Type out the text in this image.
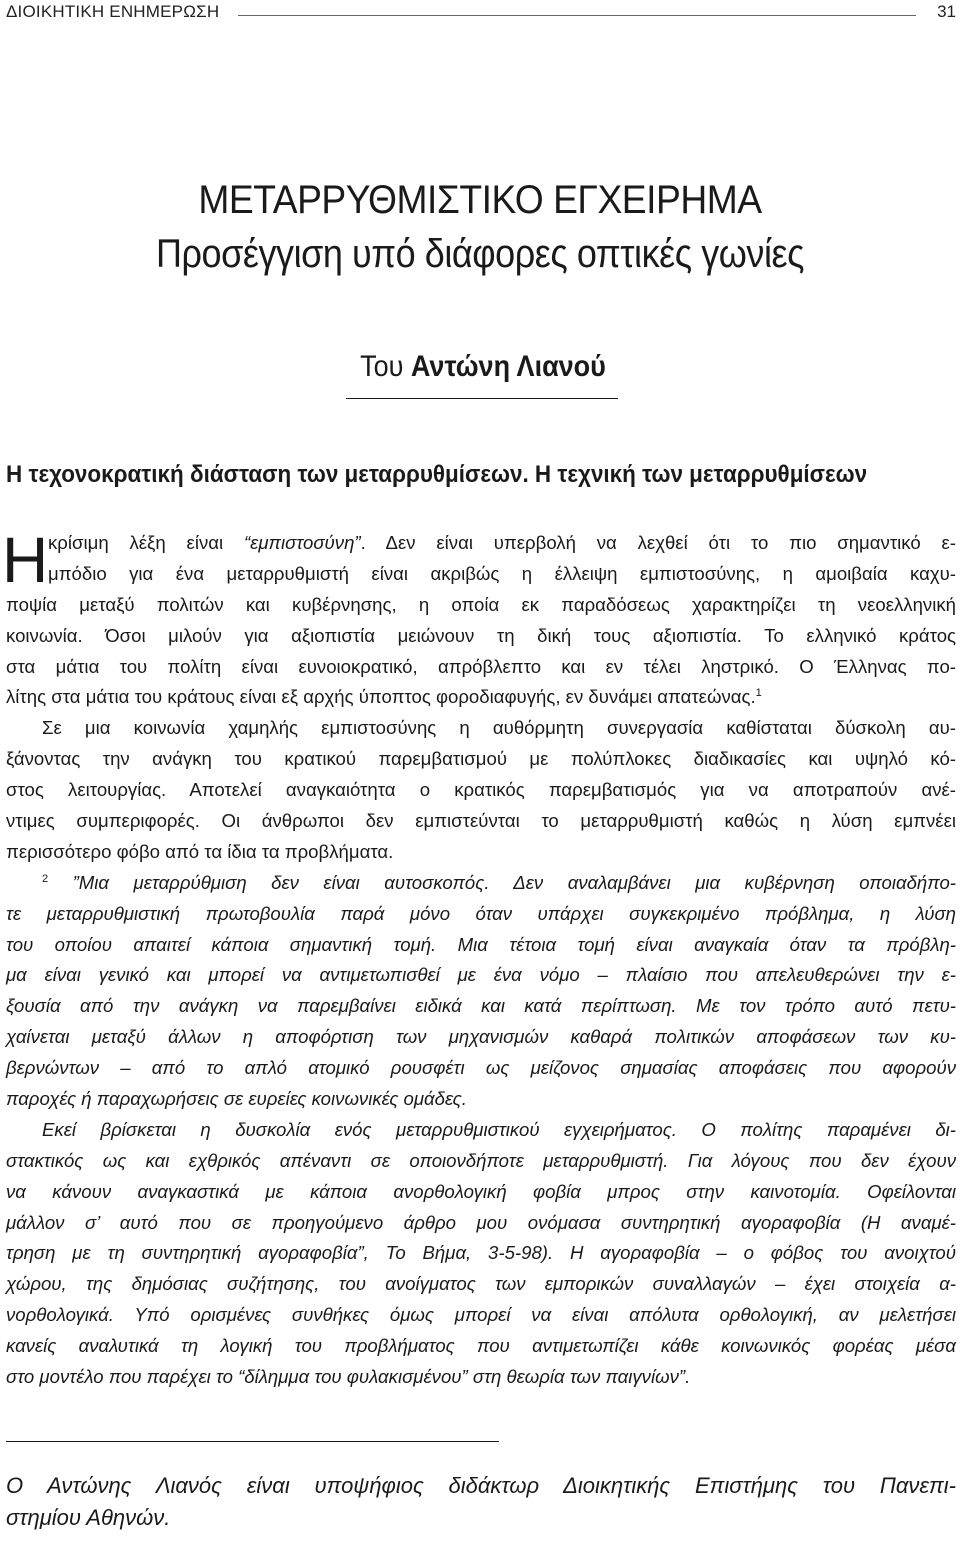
ΔΙΟΙΚΗΤΙΚΗ ΕΝΗΜΕΡΩΣΗ	31
ΜΕΤΑΡΡΥΘΜΙΣΤΙΚΟ ΕΓΧΕΙΡΗΜΑ
Προσέγγιση υπό διάφορες οπτικές γωνίες
Του Αντώνη Λιανού
Η τεχονοκρατική διάσταση των μεταρρυθμίσεων. Η τεχνική των μεταρρυθμίσεων
Η κρίσιμη λέξη είναι “εμπιστοσύνη”. Δεν είναι υπερβολή να λεχθεί ότι το πιο σημαντικό ε-
μπόδιο για ένα μεταρρυθμιστή είναι ακριβώς η έλλειψη εμπιστοσύνης, η αμοιβαία καχυ-
ποψία μεταξύ πολιτών και κυβέρνησης, η οποία εκ παραδόσεως χαρακτηρίζει τη νεοελληνική
κοινωνία. Όσοι μιλούν για αξιοπιστία μειώνουν τη δική τους αξιοπιστία. Το ελληνικό κράτος
στα μάτια του πολίτη είναι ευνοιοκρατικό, απρόβλεπτο και εν τέλει ληστρικό. Ο Έλληνας πο-
λίτης στα μάτια του κράτους είναι εξ αρχής ύποπτος φοροδιαφυγής, εν δυνάμει απατεώνας.$^1$
Σε μια κοινωνία χαμηλής εμπιστοσύνης η αυθόρμητη συνεργασία καθίσταται δύσκολη αυ-
ξάνοντας την ανάγκη του κρατικού παρεμβατισμού με πολύπλοκες διαδικασίες και υψηλό κό-
στος λειτουργίας. Αποτελεί αναγκαιότητα ο κρατικός παρεμβατισμός για να αποτραπούν ανέ-
ντιμες συμπεριφορές. Οι άνθρωποι δεν εμπιστεύνται το μεταρρυθμιστή καθώς η λύση εμπνέει
περισσότερο φόβο από τα ίδια τα προβλήματα.
$^2$ ”Μια μεταρρύθμιση δεν είναι αυτοσκοπός. Δεν αναλαμβάνει μια κυβέρνηση οποιαδήπο-
τε μεταρρυθμιστική πρωτοβουλία παρά μόνο όταν υπάρχει συγκεκριμένο πρόβλημα, η λύση
του οποίου απαιτεί κάποια σημαντική τομή. Μια τέτοια τομή είναι αναγκαία όταν τα πρόβλη-
μα είναι γενικό και μπορεί να αντιμετωπισθεί με ένα νόμο – πλαίσιο που απελευθερώνει την ε-
ξουσία από την ανάγκη να παρεμβαίνει ειδικά και κατά περίπτωση. Με τον τρόπο αυτό πετυ-
χαίνεται μεταξύ άλλων η αποφόρτιση των μηχανισμών καθαρά πολιτικών αποφάσεων των κυ-
βερνώντων – από το απλό ατομικό ρουσφέτι ως μείζονος σημασίας αποφάσεις που αφορούν
παροχές ή παραχωρήσεις σε ευρείες κοινωνικές ομάδες.
Εκεί βρίσκεται η δυσκολία ενός μεταρρυθμιστικού εγχειρήματος. Ο πολίτης παραμένει δι-
στακτικός ως και εχθρικός απέναντι σε οποιονδήποτε μεταρρυθμιστή. Για λόγους που δεν έχουν
να κάνουν αναγκαστικά με κάποια ανορθολογική φοβία μπρος στην καινοτομία. Οφείλονται
μάλλον σ’ αυτό που σε προηγούμενο άρθρο μου ονόμασα συντηρητική αγοραφοβία (Η αναμέ-
τρηση με τη συντηρητική αγοραφοβία”, Το Βήμα, 3-5-98). Η αγοραφοβία – ο φόβος του ανοιχτού
χώρου, της δημόσιας συζήτησης, του ανοίγματος των εμπορικών συναλλαγών – έχει στοιχεία α-
νορθολογικά. Υπό ορισμένες συνθήκες όμως μπορεί να είναι απόλυτα ορθολογική, αν μελετήσει
κανείς αναλυτικά τη λογική του προβλήματος που αντιμετωπίζει κάθε κοινωνικός φορέας μέσα
στο μοντέλο που παρέχει το “δίλημμα του φυλακισμένου” στη θεωρία των παιγνίων”.
Ο Αντώνης Λιανός είναι υποψήφιος διδάκτωρ Διοικητικής Επιστήμης του Πανεπι-
στημίου Αθηνών.
